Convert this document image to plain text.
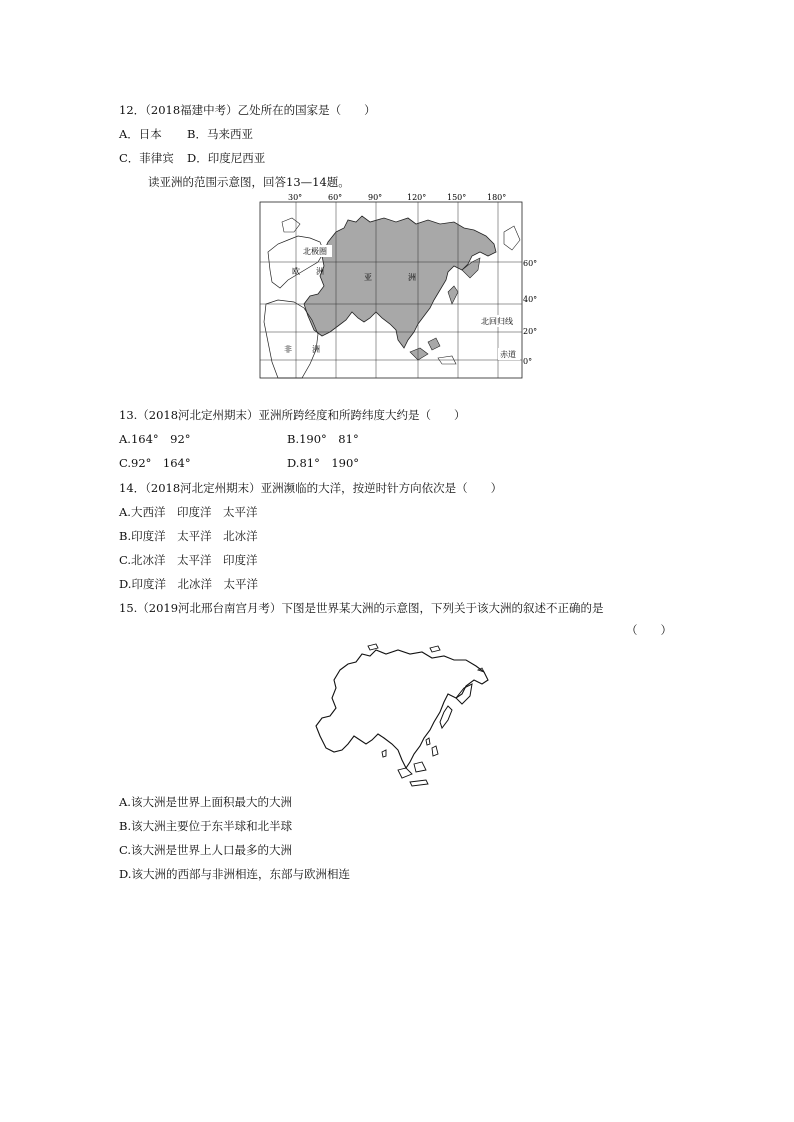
12．（2018福建中考）乙处所在的国家是（　　）
A．日本 B．马来西亚
C．菲律宾 D．印度尼西亚
读亚洲的范围示意图，回答13—14题。
30°	60°	90°	120°	150°	180°
60°
40°
20°
0°
北回归线
赤道
北极圈
欧 洲
亚	洲
非	洲
13.（2018河北定州期末）亚洲所跨经度和所跨纬度大约是（　　）
A.164°　92°	B.190°　81°
C.92°　164°	D.81°　190°
14．（2018河北定州期末）亚洲濒临的大洋，按逆时针方向依次是（　　）
A.大西洋　印度洋　太平洋
B.印度洋　太平洋　北冰洋
C.北冰洋　太平洋　印度洋
D.印度洋　北冰洋　太平洋
15.（2019河北邢台南宫月考）下图是世界某大洲的示意图，下列关于该大洲的叙述不正确的是
（　　）
A.该大洲是世界上面积最大的大洲
B.该大洲主要位于东半球和北半球
C.该大洲是世界上人口最多的大洲
D.该大洲的西部与非洲相连，东部与欧洲相连
